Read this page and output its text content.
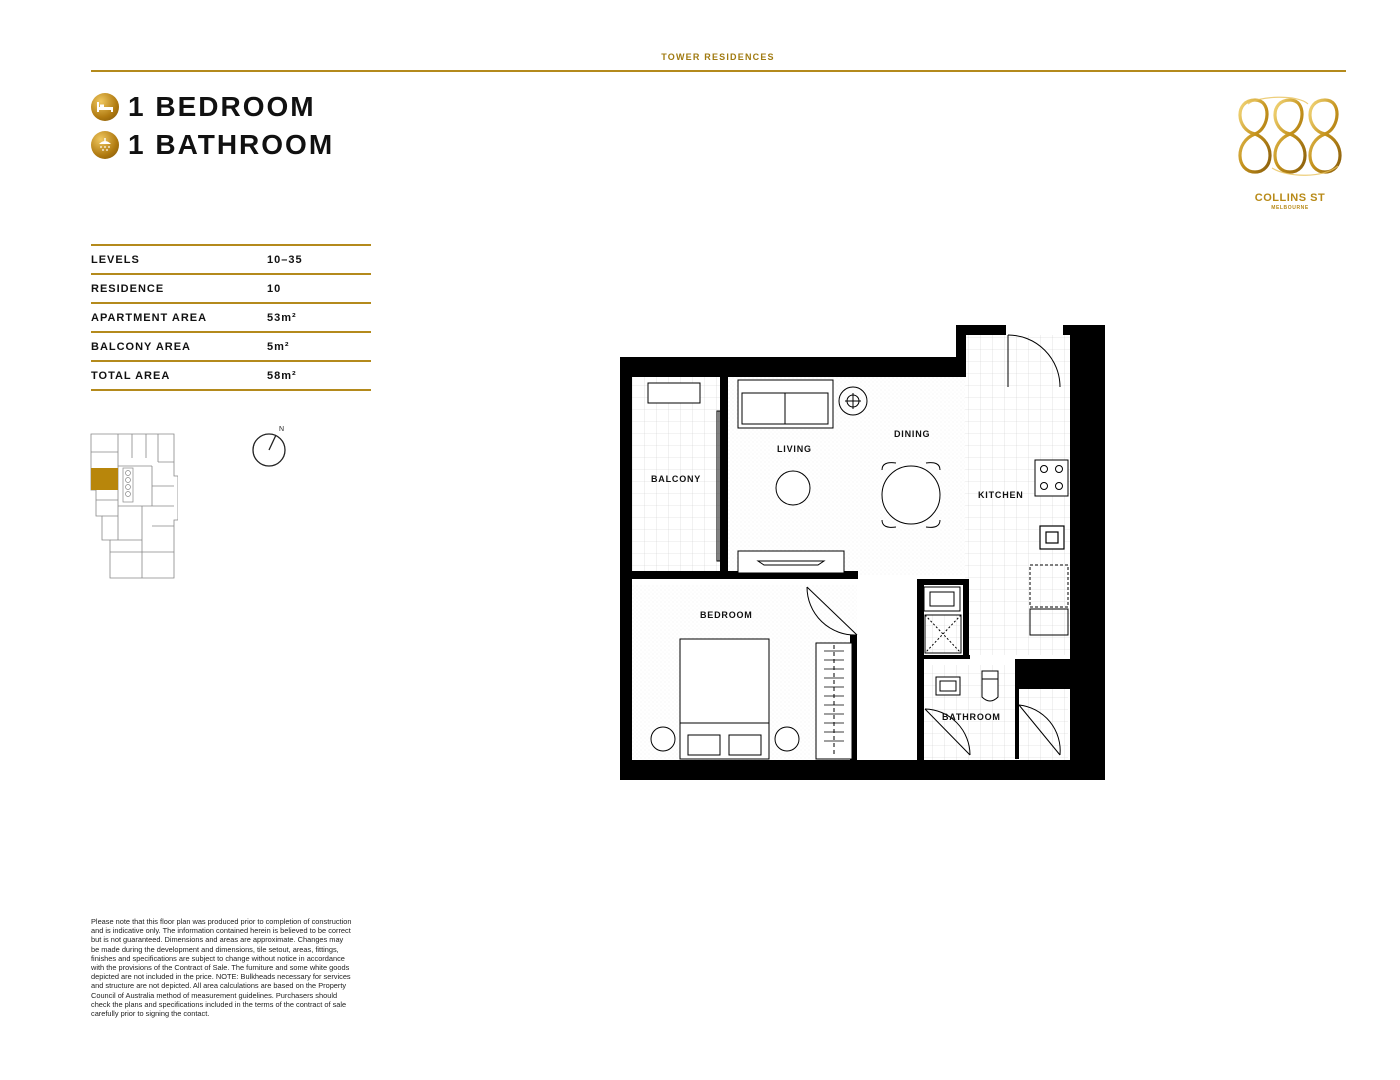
TOWER RESIDENCES
1 BEDROOM
1 BATHROOM
COLLINS ST
MELBOURNE
LEVELS	10–35
RESIDENCE	10
APARTMENT AREA	53m²
BALCONY AREA	5m²
TOTAL AREA	58m²
N
BALCONY
LIVING
DINING
KITCHEN
BEDROOM
BATHROOM
Please note that this floor plan was produced prior to completion of construction and is indicative only. The information contained herein is believed to be correct but is not guaranteed. Dimensions and areas are approximate. Changes may be made during the development and dimensions, tile setout, areas, fittings, finishes and specifications are subject to change without notice in accordance with the provisions of the Contract of Sale. The furniture and some white goods depicted are not included in the price. NOTE: Bulkheads necessary for services and structure are not depicted. All area calculations are based on the Property Council of Australia method of measurement guidelines. Purchasers should check the plans and specifications included in the terms of the contract of sale carefully prior to signing the contact.
